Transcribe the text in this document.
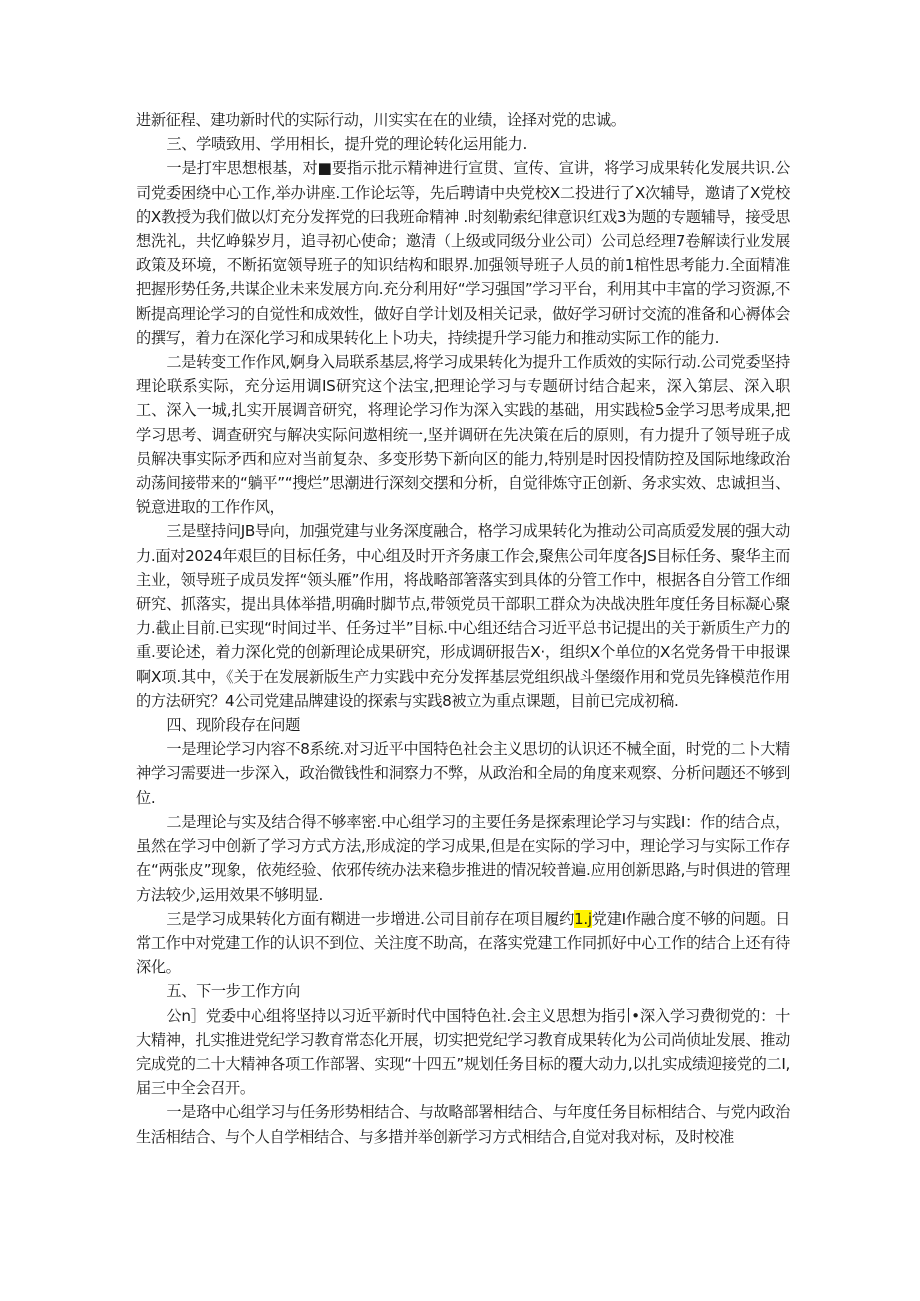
进新征程、建功新时代的实际行动，川实实在在的业绩，诠择对党的忠诚。

三、学啧致用、学用相长，提升党的理论转化运用能力.

一是打牢思想根基，对■要指示批示精神进行宣贯、宣传、宣讲，将学习成果转化发展共识.公司党委困绕中心工作,举办讲座.工作论坛等，先后聘请中央党校X二投进行了X次辅导，邀请了X党校的X教授为我们做以灯充分发挥党的曰我班命精神 .时刻勒索纪律意识红戏3为题的专题辅导，接受思想洗礼，共忆峥躲岁月，追寻初心使命；邀清（上级或同级分业公司）公司总经理7卷解读行业发展政策及环境，不断拓宽领导班子的知识结构和眼界.加强领导班子人员的前1棺性思考能力.全面精准把握形势任务,共谋企业未来发展方向.充分利用好“学习强国”学习平台，利用其中丰富的学习资源,不断提高理论学习的自觉性和成效性，做好自学计划及相关记录，做好学习研讨交流的准备和心褥体会的撰写，着力在深化学习和成果转化上卜功夫，持续提升学习能力和推动实际工作的能力.

二是转变工作作风,婀身入局联系基层,将学习成果转化为提升工作质效的实际行动.公司党委坚持理论联系实际，充分运用调IS研究这个法宝,把理论学习与专题研讨结合起来，深入第层、深入职工、深入一城,扎实开展调音研究，将理论学习作为深入实践的基础，用实践检5金学习思考成果,把学习思考、调查研究与解决实际问遨相统一,坚并调研在先决策在后的原则，有力提升了领导班子成员解决事实际矛西和应对当前复杂、多变形势下新向区的能力,特别是时因投情防控及国际地缘政治动荡间接带来的“躺平”“搜烂”思潮进行深刻交摆和分析，自觉徘炼守正创新、务求实效、忠诚担当、锐意进取的工作作风，

三是壁持问JB导向，加强党建与业务深度融合，格学习成果转化为推动公司高质爱发展的强大动力.面对2024年艰巨的目标任务，中心组及时开齐务康工作会,聚焦公司年度各JS目标任务、聚华主而主业，领导班子成员发挥“领头雁”作用，将战略部箸落实到具体的分管工作中，根据各自分管工作细研究、抓落实，提出具体举措,明确时脚节点,带领党员干部职工群众为决战决胜年度任务目标凝心聚力.截止目前.已实现“时间过半、任务过半”目标.中心组还结合习近平总书记提出的关于新质生产力的重.要论述，着力深化党的创新理论成果研究，形成调研报告X·，组织X个单位的X名党务骨干申报课啊X项.其中，《关于在发展新版生产力实践中充分发挥基层党组织战斗堡缀作用和党员先锋模范作用的方法研究？4公司党建品牌建设的探索与实践8被立为重点课题，目前已完成初稿.

四、现阶段存在问题

一是理论学习内容不8系统.对习近平中国特色社会主义思切的认识还不械全面，时党的二卜大精神学习需要进一步深入，政治微钱性和洞察力不弊，从政治和全局的角度来观察、分析问题还不够到位.

二是理论与实及结合得不够率密.中心组学习的主要任务是探索理论学习与实践I：作的结合点，虽然在学习中创新了学习方式方法,形成淀的学习成果,但是在实际的学习中，理论学习与实际工作存在“两张皮”现象，依苑经验、依邪传统办法来稳步推进的情况较普遍.应用创新思路,与时俱进的管理方法较少,运用效果不够明显.

三是学习成果转化方面有糊进一步增进.公司目前存在项目履约1.j党建I作融合度不够的问题。日常工作中对党建工作的认识不到位、关注度不助高，在落实党建工作同抓好中心工作的结合上还有待深化。

五、下一步工作方向

公n］党委中心组将坚持以习近平新时代中国特色社.会主义思想为指引•深入学习费彻党的：十大精神，扎实推进党纪学习教育常态化开展，切实把党纪学习教育成果转化为公司尚侦址发展、推动完成党的二十大精神各项工作部署、实现“十四五”规划任务目标的覆大动力,以扎实成绩迎接党的二I,届三中全会召开。

一是珞中心组学习与任务形势相结合、与故略部署相结合、与年度任务目标相结合、与党内政治生活相结合、与个人自学相结合、与多措并举创新学习方式相结合,自觉对我对标，及时校准
